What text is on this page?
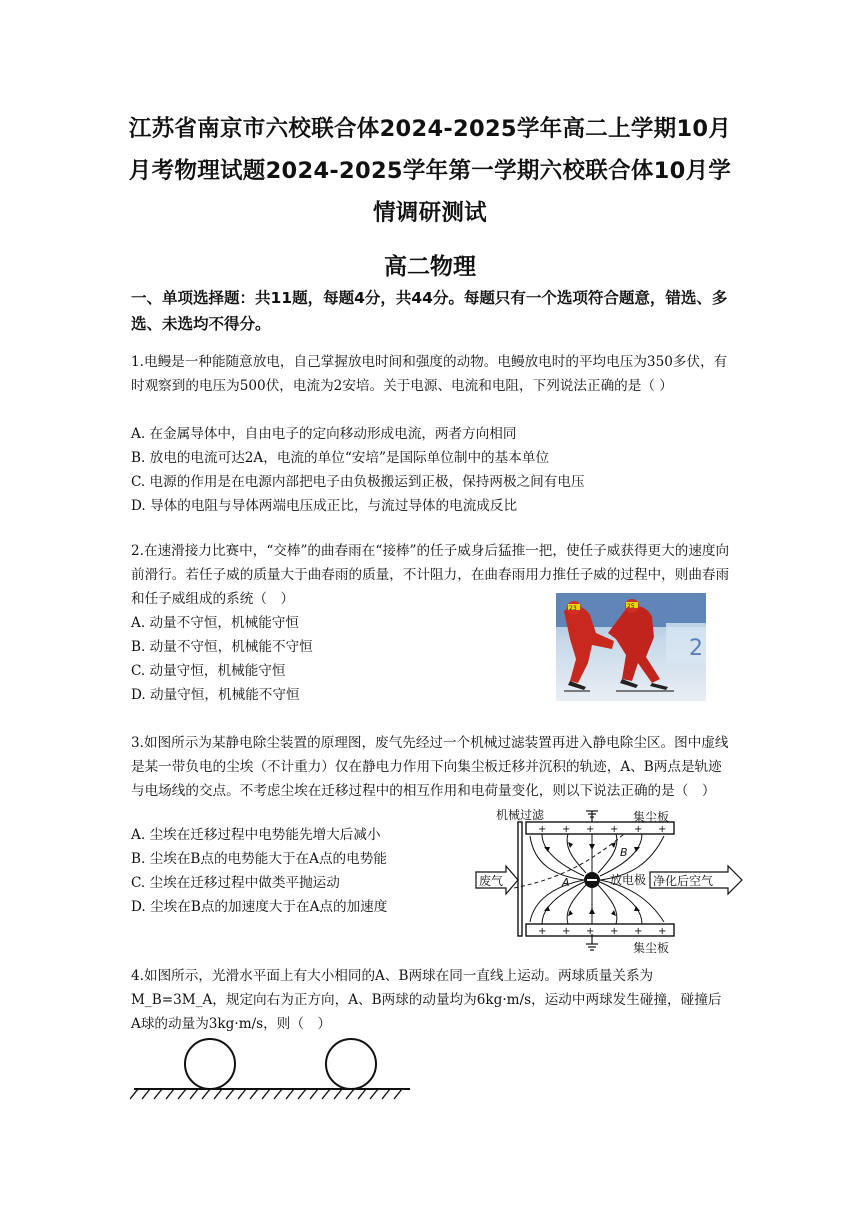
江苏省南京市六校联合体2024-2025学年高二上学期10月
月考物理试题2024-2025学年第一学期六校联合体10月学
情调研测试
高二物理
一、单项选择题：共11题，每题4分，共44分。每题只有一个选项符合题意，错选、多选、未选均不得分。
1.电鳗是一种能随意放电，自己掌握放电时间和强度的动物。电鳗放电时的平均电压为350多伏，有时观察到的电压为500伏，电流为2安培。关于电源、电流和电阻，下列说法正确的是（ ）
A. 在金属导体中，自由电子的定向移动形成电流，两者方向相同
B. 放电的电流可达2A，电流的单位“安培”是国际单位制中的基本单位
C. 电源的作用是在电源内部把电子由负极搬运到正极，保持两极之间有电压
D. 导体的电阻与导体两端电压成正比，与流过导体的电流成反比
2.在速滑接力比赛中，“交棒”的曲春雨在“接棒”的任子威身后猛推一把，使任子威获得更大的速度向前滑行。若任子威的质量大于曲春雨的质量，不计阻力，在曲春雨用力推任子威的过程中，则曲春雨和任子威组成的系统（　）
A. 动量不守恒，机械能守恒
B. 动量不守恒，机械能不守恒
C. 动量守恒，机械能守恒
D. 动量守恒，机械能不守恒
2
23	25
3.如图所示为某静电除尘装置的原理图，废气先经过一个机械过滤装置再进入静电除尘区。图中虚线是某一带负电的尘埃（不计重力）仅在静电力作用下向集尘板迁移并沉积的轨迹，A、B两点是轨迹与电场线的交点。不考虑尘埃在迁移过程中的相互作用和电荷量变化，则以下说法正确的是（　）
A. 尘埃在迁移过程中电势能先增大后减小
B. 尘埃在B点的电势能大于在A点的电势能
C. 尘埃在迁移过程中做类平抛运动
D. 尘埃在B点的加速度大于在A点的加速度
机械过滤	集尘板
集尘板
+ + + + + +
+ + + + + +
A
B
放电极
废气	净化后空气
4.如图所示，光滑水平面上有大小相同的A、B两球在同一直线上运动。两球质量关系为M_B=3M_A，规定向右为正方向，A、B两球的动量均为6kg·m/s，运动中两球发生碰撞，碰撞后A球的动量为3kg·m/s，则（　）
